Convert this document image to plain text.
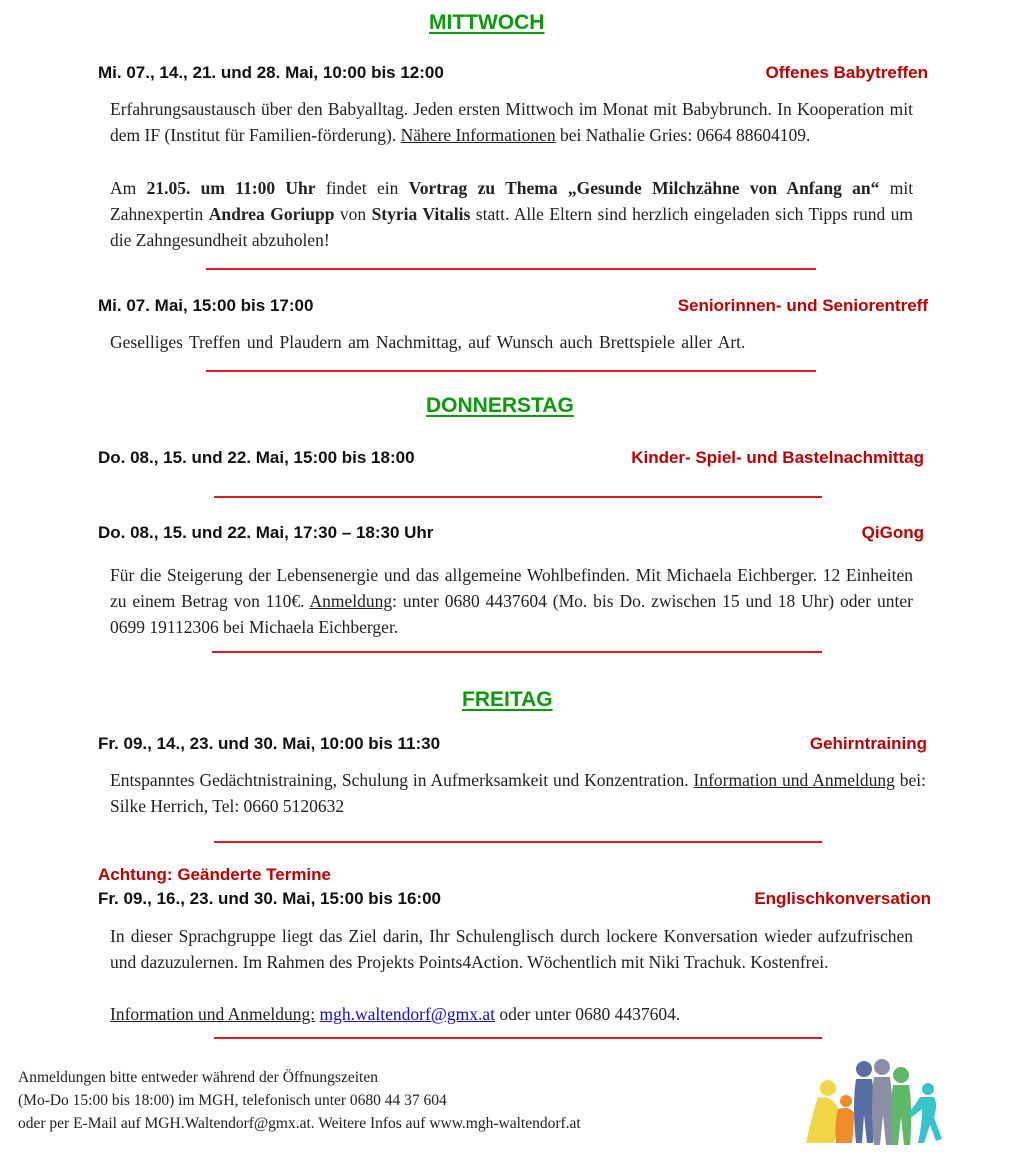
MITTWOCH
Mi. 07., 14., 21. und 28. Mai, 10:00 bis 12:00	Offenes Babytreffen
Erfahrungsaustausch über den Babyalltag. Jeden ersten Mittwoch im Monat mit Babybrunch. In Kooperation mit dem IF (Institut für Familien-förderung). Nähere Informationen bei Nathalie Gries: 0664 88604109.
Am 21.05. um 11:00 Uhr findet ein Vortrag zu Thema „Gesunde Milchzähne von Anfang an“ mit Zahnexpertin Andrea Goriupp von Styria Vitalis statt. Alle Eltern sind herzlich eingeladen sich Tipps rund um die Zahngesundheit abzuholen!
Mi. 07. Mai, 15:00 bis 17:00	Seniorinnen- und Seniorentreff
Geselliges Treffen und Plaudern am Nachmittag, auf Wunsch auch Brettspiele aller Art.
DONNERSTAG
Do. 08., 15. und 22. Mai, 15:00 bis 18:00	Kinder- Spiel- und Bastelnachmittag
Do. 08., 15. und 22. Mai, 17:30 – 18:30 Uhr	QiGong
Für die Steigerung der Lebensenergie und das allgemeine Wohlbefinden. Mit Michaela Eichberger. 12 Einheiten zu einem Betrag von 110€. Anmeldung: unter 0680 4437604 (Mo. bis Do. zwischen 15 und 18 Uhr) oder unter 0699 19112306 bei Michaela Eichberger.
FREITAG
Fr. 09., 14., 23. und 30. Mai, 10:00 bis 11:30	Gehirntraining
Entspanntes Gedächtnistraining, Schulung in Aufmerksamkeit und Konzentration. Information und Anmeldung bei: Silke Herrich, Tel: 0660 5120632
Achtung: Geänderte Termine
Fr. 09., 16., 23. und 30. Mai, 15:00 bis 16:00	Englischkonversation
In dieser Sprachgruppe liegt das Ziel darin, Ihr Schulenglisch durch lockere Konversation wieder aufzufrischen und dazuzulernen. Im Rahmen des Projekts Points4Action. Wöchentlich mit Niki Trachuk. Kostenfrei.
Information und Anmeldung: mgh.waltendorf@gmx.at oder unter 0680 4437604.
Anmeldungen bitte entweder während der Öffnungszeiten
(Mo-Do 15:00 bis 18:00) im MGH, telefonisch unter 0680 44 37 604
oder per E-Mail auf MGH.Waltendorf@gmx.at. Weitere Infos auf www.mgh-waltendorf.at
